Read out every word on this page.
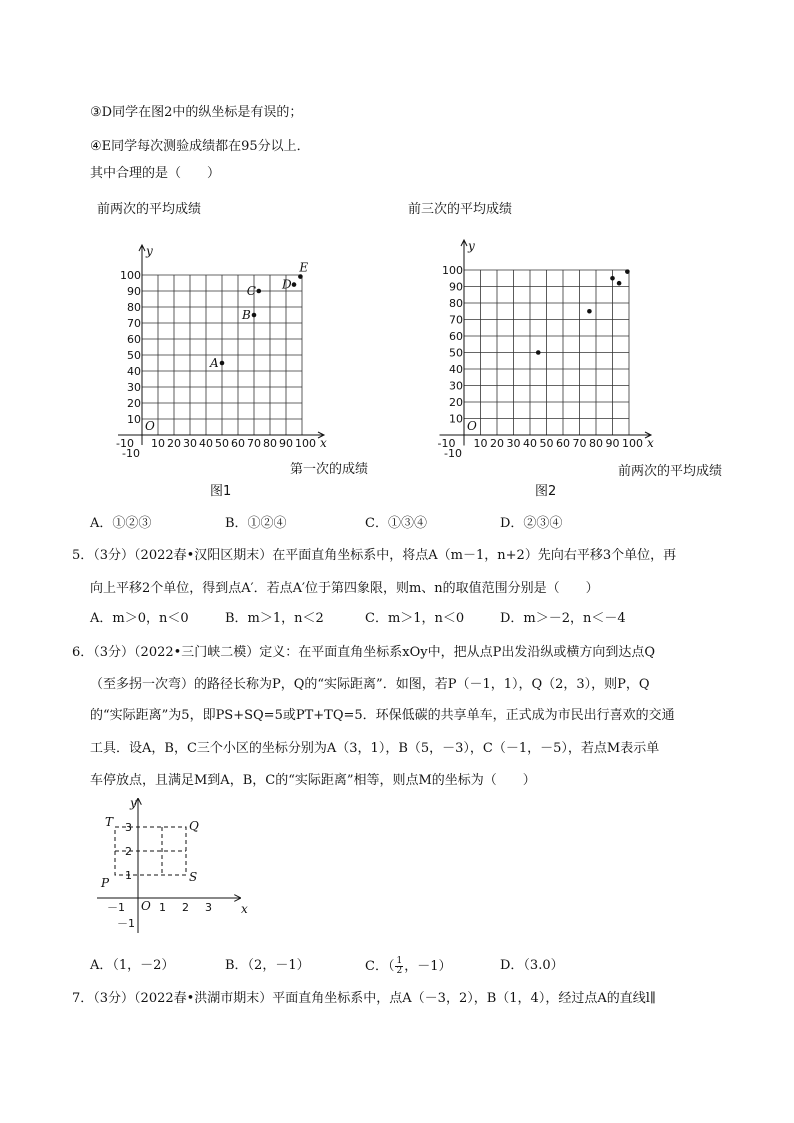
③D同学在图2中的纵坐标是有误的；
④E同学每次测验成绩都在95分以上．
其中合理的是（　　）
前两次的平均成绩
x
y
O
-10 10 20 30 40 50 60 70 80 90 100
-10
10
20
30
40
50
60
70
80
90
100
A
B
C D
E
第一次的成绩
图1
前三次的平均成绩
x
y
O
-10 10 20 30 40 50 60 70 80 90 100
-10
10
20
30
40
50
60
70
80
90
100
前两次的平均成绩
图2
A．①②③	B．①②④	C．①③④	D．②③④
5．（3分）（2022春•汉阳区期末）在平面直角坐标系中，将点A（m－1，n+2）先向右平移3个单位，再
向上平移2个单位，得到点A′．若点A′位于第四象限，则m、n的取值范围分别是（　　）
A．m＞0，n＜0	B．m＞1，n＜2	C．m＞1，n＜0	D．m＞－2，n＜－4
6．（3分）（2022•三门峡二模）定义：在平面直角坐标系xOy中，把从点P出发沿纵或横方向到达点Q
（至多拐一次弯）的路径长称为P，Q的“实际距离”．如图，若P（－1，1），Q（2，3），则P，Q
的“实际距离”为5，即PS+SQ=5或PT+TQ=5．环保低碳的共享单车，正式成为市民出行喜欢的交通
工具．设A，B，C三个小区的坐标分别为A（3，1），B（5，－3），C（－1，－5），若点M表示单
车停放点，且满足M到A，B，C的“实际距离”相等，则点M的坐标为（　　）
y
x
T	Q
P	S
O
3
2
1
－1
－1	1 2 3
A．（1，－2）	B．（2，－1）	C．（ $\frac{1}{2}$ ，－1）	D．（3.0）
7．（3分）（2022春•洪湖市期末）平面直角坐标系中，点A（－3，2），B（1，4），经过点A的直线l∥
